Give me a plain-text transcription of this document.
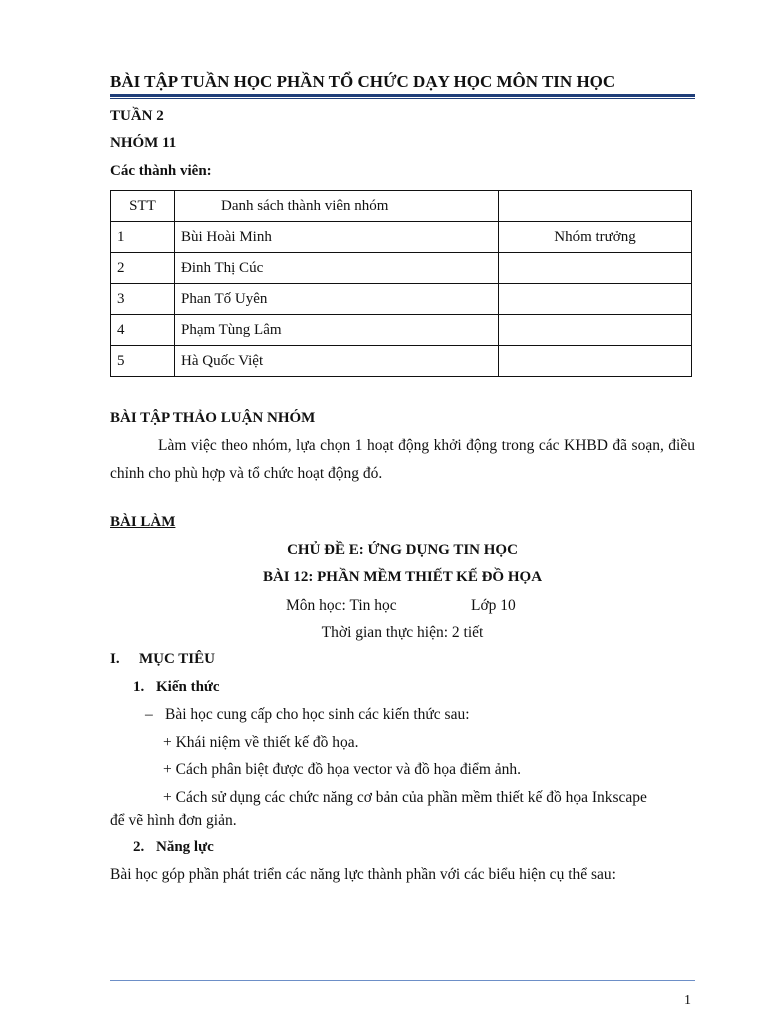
BÀI TẬP TUẦN HỌC PHẦN TỔ CHỨC DẠY HỌC MÔN TIN HỌC
TUẦN 2
NHÓM 11
Các thành viên:
STT	Danh sách thành viên nhóm	
1	Bùi Hoài Minh	Nhóm trưởng
2	Đinh Thị Cúc	
3	Phan Tố Uyên	
4	Phạm Tùng Lâm	
5	Hà Quốc Việt	
BÀI TẬP THẢO LUẬN NHÓM
Làm việc theo nhóm, lựa chọn 1 hoạt động khởi động trong các KHBD đã soạn, điều chỉnh cho phù hợp và tổ chức hoạt động đó.
BÀI LÀM
CHỦ ĐỀ E: ỨNG DỤNG TIN HỌC
BÀI 12: PHẦN MỀM THIẾT KẾ ĐỒ HỌA
Môn học: Tin học	Lớp 10
Thời gian thực hiện: 2 tiết
I. MỤC TIÊU
1. Kiến thức
– Bài học cung cấp cho học sinh các kiến thức sau:
+ Khái niệm về thiết kế đồ họa.
+ Cách phân biệt được đồ họa vector và đồ họa điểm ảnh.
+ Cách sử dụng các chức năng cơ bản của phần mềm thiết kế đồ họa Inkscape
để vẽ hình đơn giản.
2. Năng lực
Bài học góp phần phát triển các năng lực thành phần với các biểu hiện cụ thể sau:
1
